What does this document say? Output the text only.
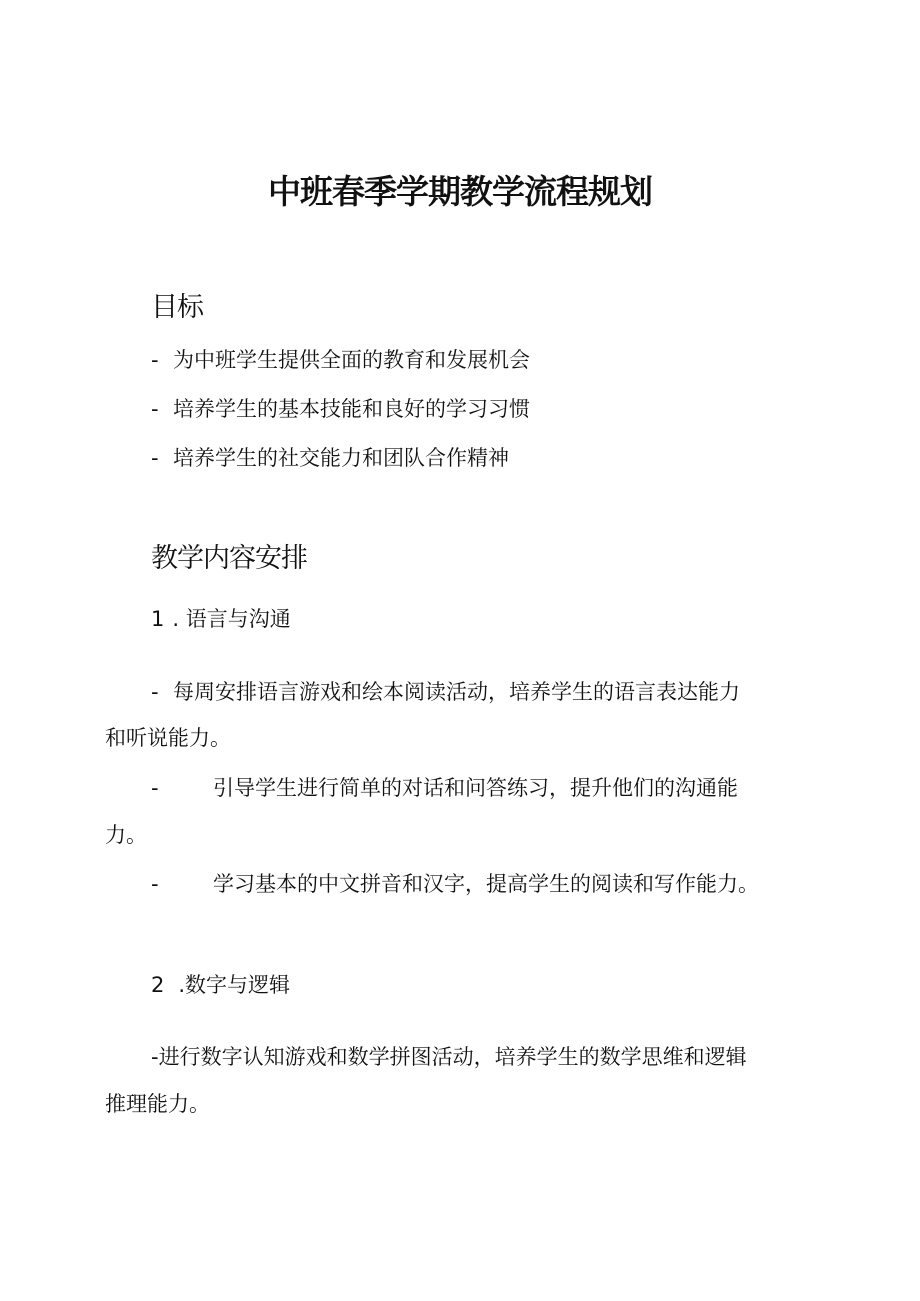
中班春季学期教学流程规划
目标
- 为中班学生提供全面的教育和发展机会
- 培养学生的基本技能和良好的学习习惯
- 培养学生的社交能力和团队合作精神
教学内容安排
1 . 语言与沟通
- 每周安排语言游戏和绘本阅读活动，培养学生的语言表达能力
和听说能力。
-	引导学生进行简单的对话和问答练习，提升他们的沟通能
力。
-	学习基本的中文拼音和汉字，提高学生的阅读和写作能力。
2 .数字与逻辑
-进行数字认知游戏和数学拼图活动，培养学生的数学思维和逻辑
推理能力。
